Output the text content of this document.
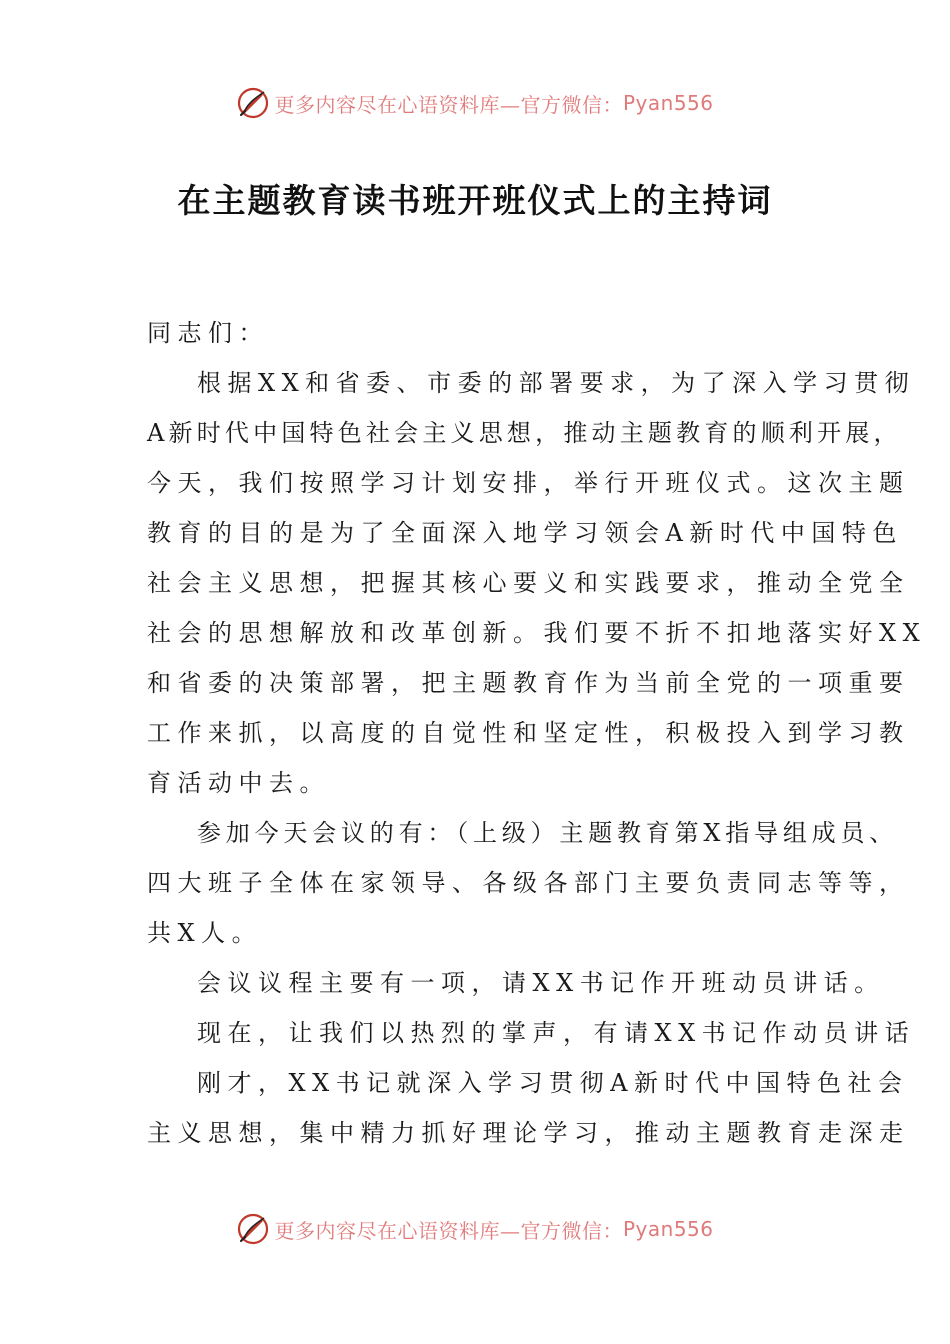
更多内容尽在心语资料库—官方微信： Pyan556
在主题教育读书班开班仪式上的主持词
同志们：
根据XX和省委、市委的部署要求，为了深入学习贯彻
A新时代中国特色社会主义思想，推动主题教育的顺利开展，
今天，我们按照学习计划安排，举行开班仪式。这次主题
教育的目的是为了全面深入地学习领会A新时代中国特色
社会主义思想，把握其核心要义和实践要求，推动全党全
社会的思想解放和改革创新。我们要不折不扣地落实好XX
和省委的决策部署，把主题教育作为当前全党的一项重要
工作来抓，以高度的自觉性和坚定性，积极投入到学习教
育活动中去。
参加今天会议的有：（上级）主题教育第X指导组成员、
四大班子全体在家领导、各级各部门主要负责同志等等，
共X人。
会议议程主要有一项，请XX书记作开班动员讲话。
现在，让我们以热烈的掌声，有请XX书记作动员讲话
刚才，XX书记就深入学习贯彻A新时代中国特色社会
主义思想，集中精力抓好理论学习，推动主题教育走深走
更多内容尽在心语资料库—官方微信： Pyan556
